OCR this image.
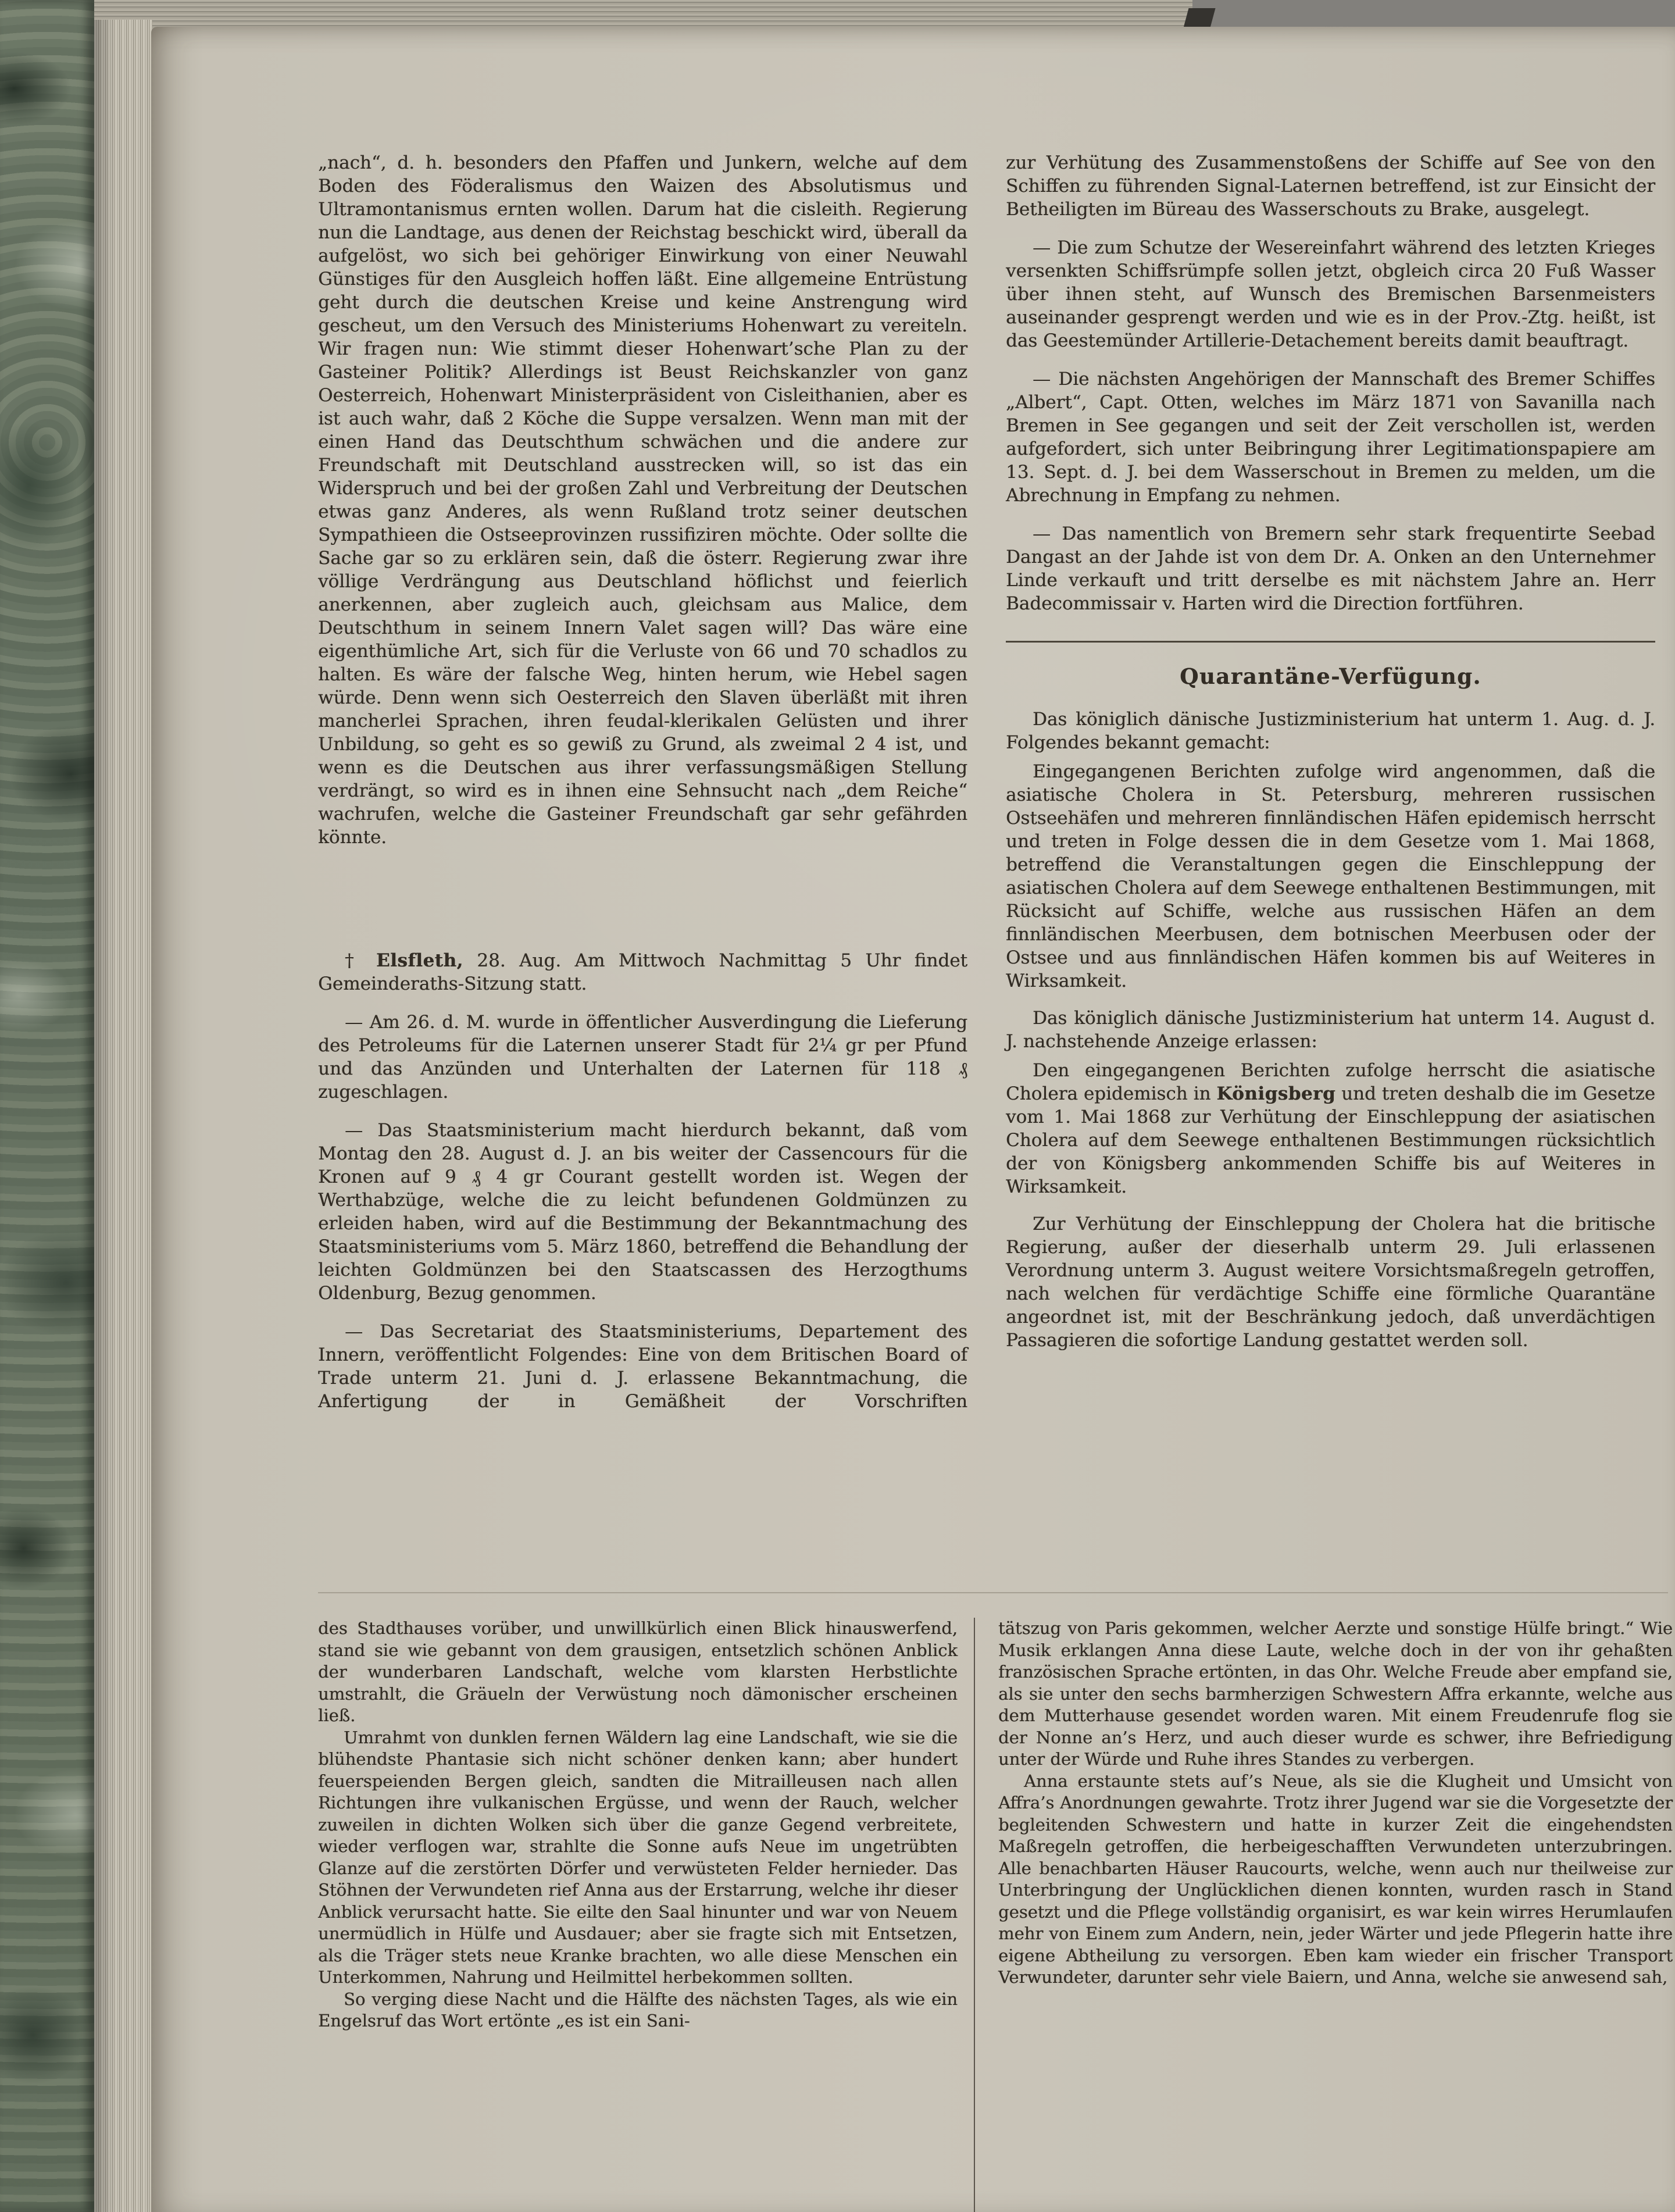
„nach“, d. h. besonders den Pfaffen und Junkern, welche auf dem Boden des Föderalismus den Waizen des Absolutismus und Ultramontanismus ernten wollen. Darum hat die cisleith. Regierung nun die Landtage, aus denen der Reichstag beschickt wird, überall da aufgelöst, wo sich bei gehöriger Einwirkung von einer Neuwahl Günstiges für den Ausgleich hoffen läßt. Eine allgemeine Entrüstung geht durch die deutschen Kreise und keine Anstrengung wird gescheut, um den Versuch des Ministeriums Hohenwart zu vereiteln. Wir fragen nun: Wie stimmt dieser Hohenwart’sche Plan zu der Gasteiner Politik? Allerdings ist Beust Reichskanzler von ganz Oesterreich, Hohenwart Ministerpräsident von Cisleithanien, aber es ist auch wahr, daß 2 Köche die Suppe versalzen. Wenn man mit der einen Hand das Deutschthum schwächen und die andere zur Freundschaft mit Deutschland ausstrecken will, so ist das ein Widerspruch und bei der großen Zahl und Verbreitung der Deutschen etwas ganz Anderes, als wenn Rußland trotz seiner deutschen Sympathieen die Ostseeprovinzen russifiziren möchte. Oder sollte die Sache gar so zu erklären sein, daß die österr. Regierung zwar ihre völlige Verdrängung aus Deutschland höflichst und feierlich anerkennen, aber zugleich auch, gleichsam aus Malice, dem Deutschthum in seinem Innern Valet sagen will? Das wäre eine eigenthümliche Art, sich für die Verluste von 66 und 70 schadlos zu halten. Es wäre der falsche Weg, hinten herum, wie Hebel sagen würde. Denn wenn sich Oesterreich den Slaven überläßt mit ihren mancherlei Sprachen, ihren feudal-klerikalen Gelüsten und ihrer Unbildung, so geht es so gewiß zu Grund, als zweimal 2 4 ist, und wenn es die Deutschen aus ihrer verfassungsmäßigen Stellung verdrängt, so wird es in ihnen eine Sehnsucht nach „dem Reiche“ wachrufen, welche die Gasteiner Freundschaft gar sehr gefährden könnte.

† Elsfleth, 28. Aug. Am Mittwoch Nachmittag 5 Uhr findet Gemeinderaths-Sitzung statt.

— Am 26. d. M. wurde in öffentlicher Ausverdingung die Lieferung des Petroleums für die Laternen unserer Stadt für 2¼ gr per Pfund und das Anzünden und Unterhalten der Laternen für 118 ₰ zugeschlagen.

— Das Staatsministerium macht hierdurch bekannt, daß vom Montag den 28. August d. J. an bis weiter der Cassencours für die Kronen auf 9 ₰ 4 gr Courant gestellt worden ist. Wegen der Werthabzüge, welche die zu leicht befundenen Goldmünzen zu erleiden haben, wird auf die Bestimmung der Bekanntmachung des Staatsministeriums vom 5. März 1860, betreffend die Behandlung der leichten Goldmünzen bei den Staatscassen des Herzogthums Oldenburg, Bezug genommen.

— Das Secretariat des Staatsministeriums, Departement des Innern, veröffentlicht Folgendes: Eine von dem Britischen Board of Trade unterm 21. Juni d. J. erlassene Bekanntmachung, die Anfertigung der in Gemäßheit der Vorschriften

zur Verhütung des Zusammenstoßens der Schiffe auf See von den Schiffen zu führenden Signal-Laternen betreffend, ist zur Einsicht der Betheiligten im Büreau des Wasserschouts zu Brake, ausgelegt.

— Die zum Schutze der Wesereinfahrt während des letzten Krieges versenkten Schiffsrümpfe sollen jetzt, obgleich circa 20 Fuß Wasser über ihnen steht, auf Wunsch des Bremischen Barsenmeisters auseinander gesprengt werden und wie es in der Prov.-Ztg. heißt, ist das Geestemünder Artillerie-Detachement bereits damit beauftragt.

— Die nächsten Angehörigen der Mannschaft des Bremer Schiffes „Albert“, Capt. Otten, welches im März 1871 von Savanilla nach Bremen in See gegangen und seit der Zeit verschollen ist, werden aufgefordert, sich unter Beibringung ihrer Legitimationspapiere am 13. Sept. d. J. bei dem Wasserschout in Bremen zu melden, um die Abrechnung in Empfang zu nehmen.

— Das namentlich von Bremern sehr stark frequentirte Seebad Dangast an der Jahde ist von dem Dr. A. Onken an den Unternehmer Linde verkauft und tritt derselbe es mit nächstem Jahre an. Herr Badecommissair v. Harten wird die Direction fortführen.

Quarantäne-Verfügung.

Das königlich dänische Justizministerium hat unterm 1. Aug. d. J. Folgendes bekannt gemacht:

Eingegangenen Berichten zufolge wird angenommen, daß die asiatische Cholera in St. Petersburg, mehreren russischen Ostseehäfen und mehreren finnländischen Häfen epidemisch herrscht und treten in Folge dessen die in dem Gesetze vom 1. Mai 1868, betreffend die Veranstaltungen gegen die Einschleppung der asiatischen Cholera auf dem Seewege enthaltenen Bestimmungen, mit Rücksicht auf Schiffe, welche aus russischen Häfen an dem finnländischen Meerbusen, dem botnischen Meerbusen oder der Ostsee und aus finnländischen Häfen kommen bis auf Weiteres in Wirksamkeit.

Das königlich dänische Justizministerium hat unterm 14. August d. J. nachstehende Anzeige erlassen:

Den eingegangenen Berichten zufolge herrscht die asiatische Cholera epidemisch in Königsberg und treten deshalb die im Gesetze vom 1. Mai 1868 zur Verhütung der Einschleppung der asiatischen Cholera auf dem Seewege enthaltenen Bestimmungen rücksichtlich der von Königsberg ankommenden Schiffe bis auf Weiteres in Wirksamkeit.

Zur Verhütung der Einschleppung der Cholera hat die britische Regierung, außer der dieserhalb unterm 29. Juli erlassenen Verordnung unterm 3. August weitere Vorsichtsmaßregeln getroffen, nach welchen für verdächtige Schiffe eine förmliche Quarantäne angeordnet ist, mit der Beschränkung jedoch, daß unverdächtigen Passagieren die sofortige Landung gestattet werden soll.

des Stadthauses vorüber, und unwillkürlich einen Blick hinauswerfend, stand sie wie gebannt von dem grausigen, entsetzlich schönen Anblick der wunderbaren Landschaft, welche vom klarsten Herbstlichte umstrahlt, die Gräueln der Verwüstung noch dämonischer erscheinen ließ.

Umrahmt von dunklen fernen Wäldern lag eine Landschaft, wie sie die blühendste Phantasie sich nicht schöner denken kann; aber hundert feuerspeienden Bergen gleich, sandten die Mitrailleusen nach allen Richtungen ihre vulkanischen Ergüsse, und wenn der Rauch, welcher zuweilen in dichten Wolken sich über die ganze Gegend verbreitete, wieder verflogen war, strahlte die Sonne aufs Neue im ungetrübten Glanze auf die zerstörten Dörfer und verwüsteten Felder hernieder. Das Stöhnen der Verwundeten rief Anna aus der Erstarrung, welche ihr dieser Anblick verursacht hatte. Sie eilte den Saal hinunter und war von Neuem unermüdlich in Hülfe und Ausdauer; aber sie fragte sich mit Entsetzen, als die Träger stets neue Kranke brachten, wo alle diese Menschen ein Unterkommen, Nahrung und Heilmittel herbekommen sollten.

So verging diese Nacht und die Hälfte des nächsten Tages, als wie ein Engelsruf das Wort ertönte „es ist ein Sani-

tätszug von Paris gekommen, welcher Aerzte und sonstige Hülfe bringt.“ Wie Musik erklangen Anna diese Laute, welche doch in der von ihr gehaßten französischen Sprache ertönten, in das Ohr. Welche Freude aber empfand sie, als sie unter den sechs barmherzigen Schwestern Affra erkannte, welche aus dem Mutterhause gesendet worden waren. Mit einem Freudenrufe flog sie der Nonne an’s Herz, und auch dieser wurde es schwer, ihre Befriedigung unter der Würde und Ruhe ihres Standes zu verbergen.

Anna erstaunte stets auf’s Neue, als sie die Klugheit und Umsicht von Affra’s Anordnungen gewahrte. Trotz ihrer Jugend war sie die Vorgesetzte der begleitenden Schwestern und hatte in kurzer Zeit die eingehendsten Maßregeln getroffen, die herbeigeschafften Verwundeten unterzubringen. Alle benachbarten Häuser Raucourts, welche, wenn auch nur theilweise zur Unterbringung der Unglücklichen dienen konnten, wurden rasch in Stand gesetzt und die Pflege vollständig organisirt, es war kein wirres Herumlaufen mehr von Einem zum Andern, nein, jeder Wärter und jede Pflegerin hatte ihre eigene Abtheilung zu versorgen. Eben kam wieder ein frischer Transport Verwundeter, darunter sehr viele Baiern, und Anna, welche sie anwesend sah,
